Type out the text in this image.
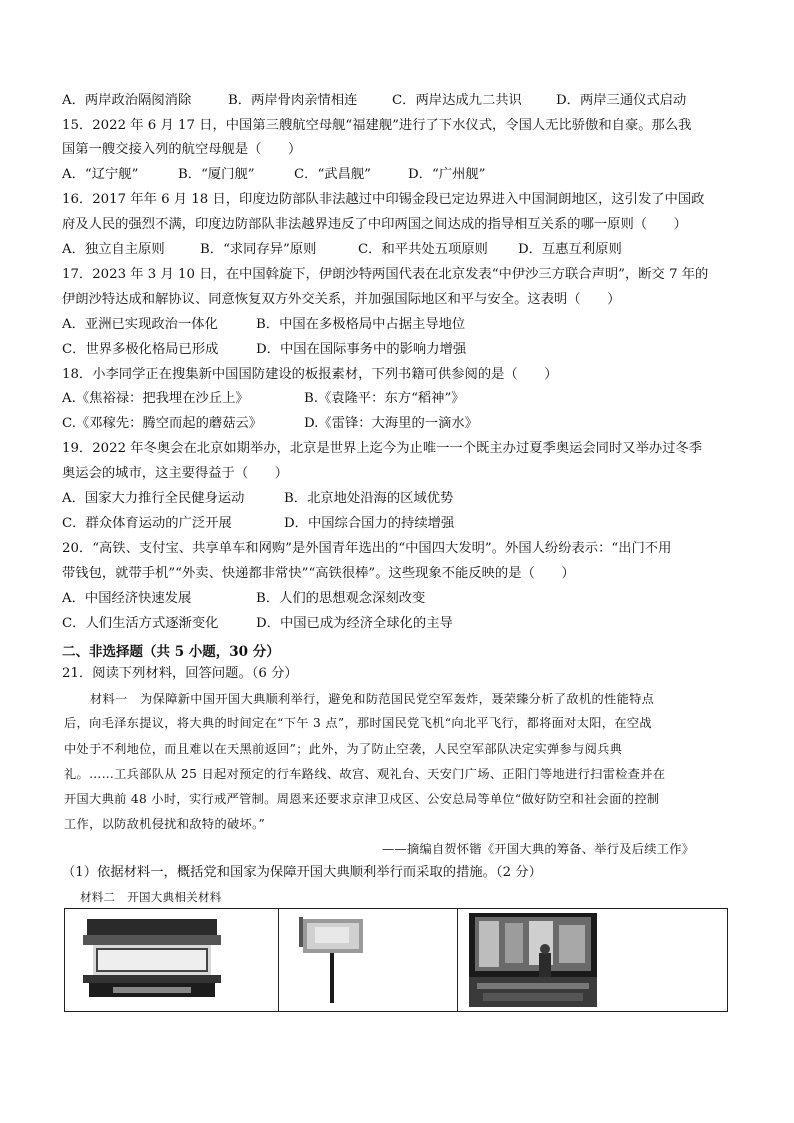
A．两岸政治隔阂消除	B．两岸骨肉亲情相连	C．两岸达成九二共识	D．两岸三通仪式启动
15．2022 年 6 月 17 日，中国第三艘航空母舰“福建舰”进行了下水仪式，令国人无比骄傲和自豪。那么我
国第一艘交接入列的航空母舰是（　　）
A．“辽宁舰”	B．“厦门舰”	C．“武昌舰”	D．“广州舰”
16．2017 年年 6 月 18 日，印度边防部队非法越过中印锡金段已定边界进入中国洞朗地区，这引发了中国政
府及人民的强烈不满，印度边防部队非法越界违反了中印两国之间达成的指导相互关系的哪一原则（　　）
A．独立自主原则	B．“求同存异”原则	C．和平共处五项原则 D．互惠互利原则
17．2023 年 3 月 10 日，在中国斡旋下，伊朗沙特两国代表在北京发表“中伊沙三方联合声明”，断交 7 年的
伊朗沙特达成和解协议、同意恢复双方外交关系，并加强国际地区和平与安全。这表明（　　）
A．亚洲已实现政治一体化	B．中国在多极格局中占据主导地位
C．世界多极化格局已形成	D．中国在国际事务中的影响力增强
18．小李同学正在搜集新中国国防建设的板报素材，下列书籍可供参阅的是（　　）
A.《焦裕禄：把我埋在沙丘上》	B.《袁隆平：东方“稻神”》
C.《邓稼先：腾空而起的蘑菇云》	D.《雷锋：大海里的一滴水》
19．2022 年冬奥会在北京如期举办，北京是世界上迄今为止唯一一个既主办过夏季奥运会同时又举办过冬季
奥运会的城市，这主要得益于（　　）
A．国家大力推行全民健身运动	B．北京地处沿海的区域优势
C．群众体育运动的广泛开展	D．中国综合国力的持续增强
20．“高铁、支付宝、共享单车和网购”是外国青年选出的“中国四大发明”。外国人纷纷表示：“出门不用
带钱包，就带手机”“外卖、快递都非常快”“高铁很棒”。这些现象不能反映的是（　　）
A．中国经济快速发展	B．人们的思想观念深刻改变
C．人们生活方式逐渐变化	D．中国已成为经济全球化的主导
二、非选择题（共 5 小题，30 分）
21．阅读下列材料，回答问题。（6 分）
材料一　为保障新中国开国大典顺利举行，避免和防范国民党空军轰炸，聂荣臻分析了敌机的性能特点
后，向毛泽东提议，将大典的时间定在“下午 3 点”，那时国民党飞机“向北平飞行，都将面对太阳，在空战
中处于不利地位，而且难以在天黑前返回”；此外，为了防止空袭，人民空军部队决定实弹参与阅兵典
礼。……工兵部队从 25 日起对预定的行车路线、故宫、观礼台、天安门广场、正阳门等地进行扫雷检查并在
开国大典前 48 小时，实行戒严管制。周恩来还要求京津卫戍区、公安总局等单位“做好防空和社会面的控制
工作，以防敌机侵扰和敌特的破坏。”
——摘编自贺怀锴《开国大典的筹备、举行及后续工作》
（1）依据材料一，概括党和国家为保障开国大典顺利举行而采取的措施。（2 分）
材料二　开国大典相关材料
